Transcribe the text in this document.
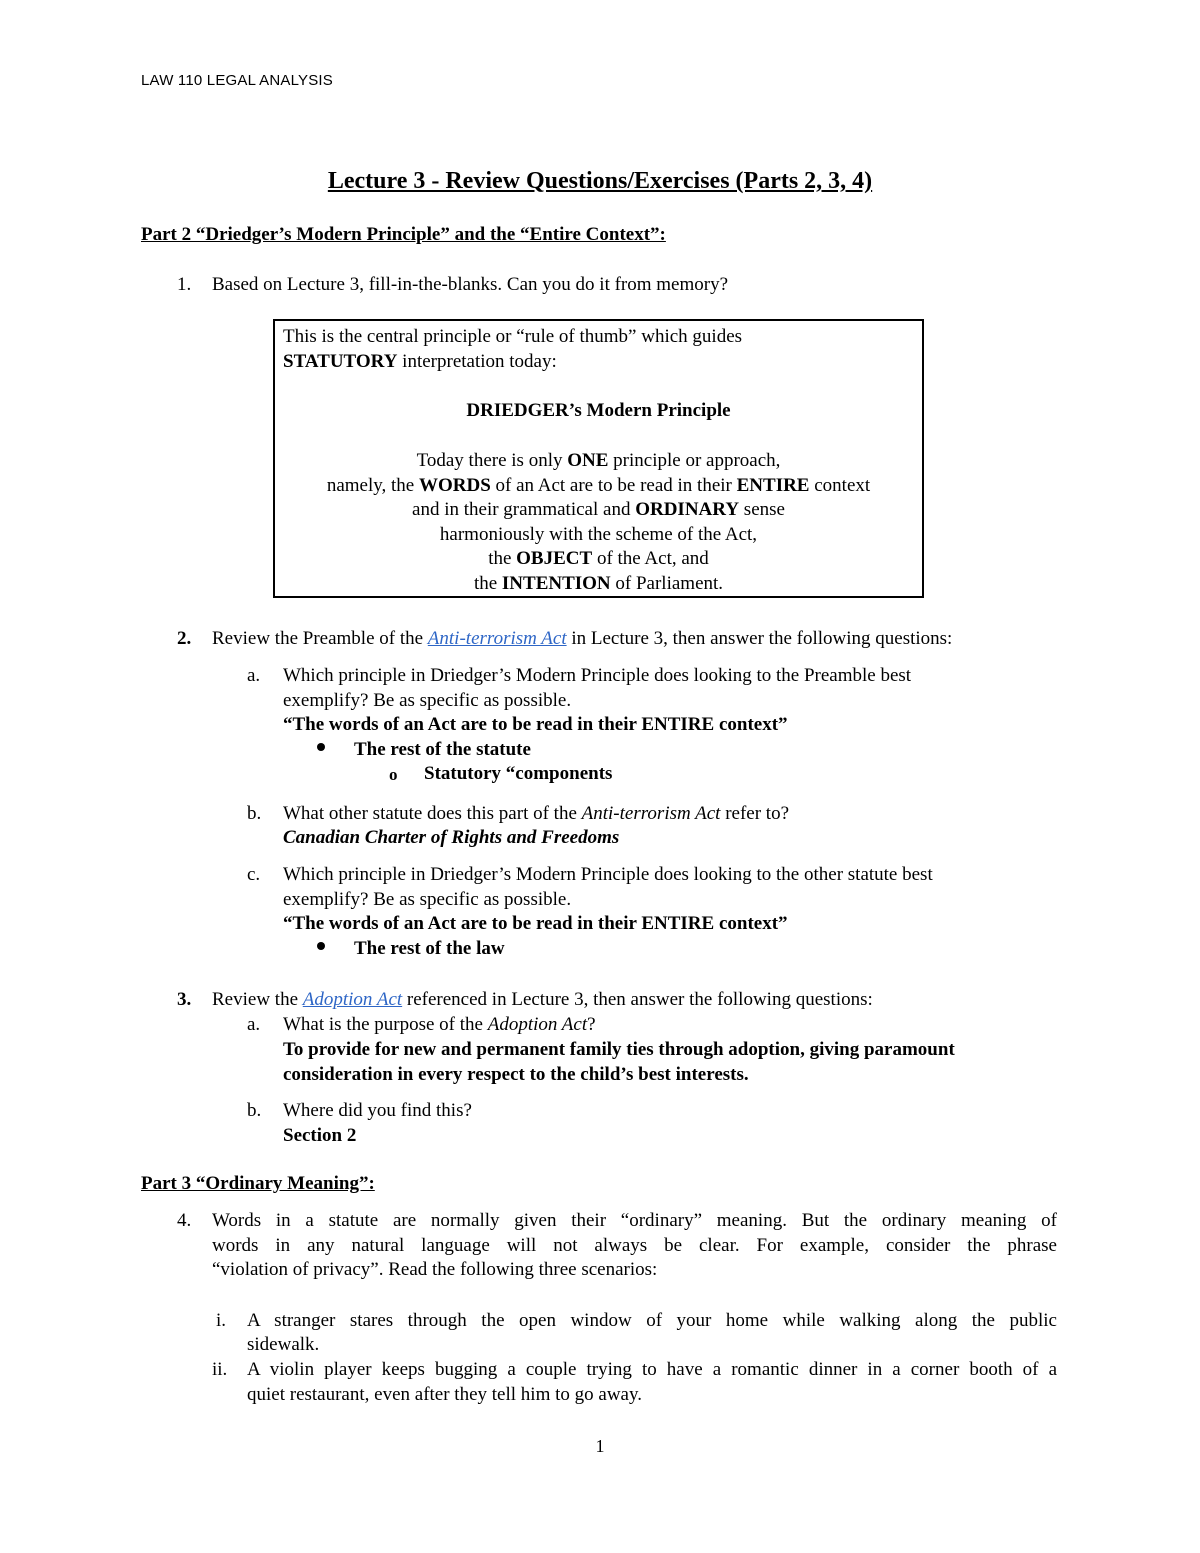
LAW 110 LEGAL ANALYSIS
Lecture 3 - Review Questions/Exercises (Parts 2, 3, 4)
Part 2 “Driedger’s Modern Principle” and the “Entire Context”:
1. Based on Lecture 3, fill-in-the-blanks. Can you do it from memory?
This is the central principle or “rule of thumb” which guides
STATUTORY interpretation today:
DRIEDGER’s Modern Principle
Today there is only ONE principle or approach,
namely, the WORDS of an Act are to be read in their ENTIRE context
and in their grammatical and ORDINARY sense
harmoniously with the scheme of the Act,
the OBJECT of the Act, and
the INTENTION of Parliament.
2. Review the Preamble of the Anti-terrorism Act in Lecture 3, then answer the following questions:
a. Which principle in Driedger’s Modern Principle does looking to the Preamble best
exemplify? Be as specific as possible.
“The words of an Act are to be read in their ENTIRE context”
The rest of the statute
o Statutory “components
b. What other statute does this part of the Anti-terrorism Act refer to?
Canadian Charter of Rights and Freedoms
c. Which principle in Driedger’s Modern Principle does looking to the other statute best
exemplify? Be as specific as possible.
“The words of an Act are to be read in their ENTIRE context”
The rest of the law
3. Review the Adoption Act referenced in Lecture 3, then answer the following questions:
a. What is the purpose of the Adoption Act?
To provide for new and permanent family ties through adoption, giving paramount
consideration in every respect to the child’s best interests.
b. Where did you find this?
Section 2
Part 3 “Ordinary Meaning”:
4. Words in a statute are normally given their “ordinary” meaning. But the ordinary meaning of
words in any natural language will not always be clear. For example, consider the phrase
“violation of privacy”. Read the following three scenarios:
i. A stranger stares through the open window of your home while walking along the public
sidewalk.
ii. A violin player keeps bugging a couple trying to have a romantic dinner in a corner booth of a
quiet restaurant, even after they tell him to go away.
1
